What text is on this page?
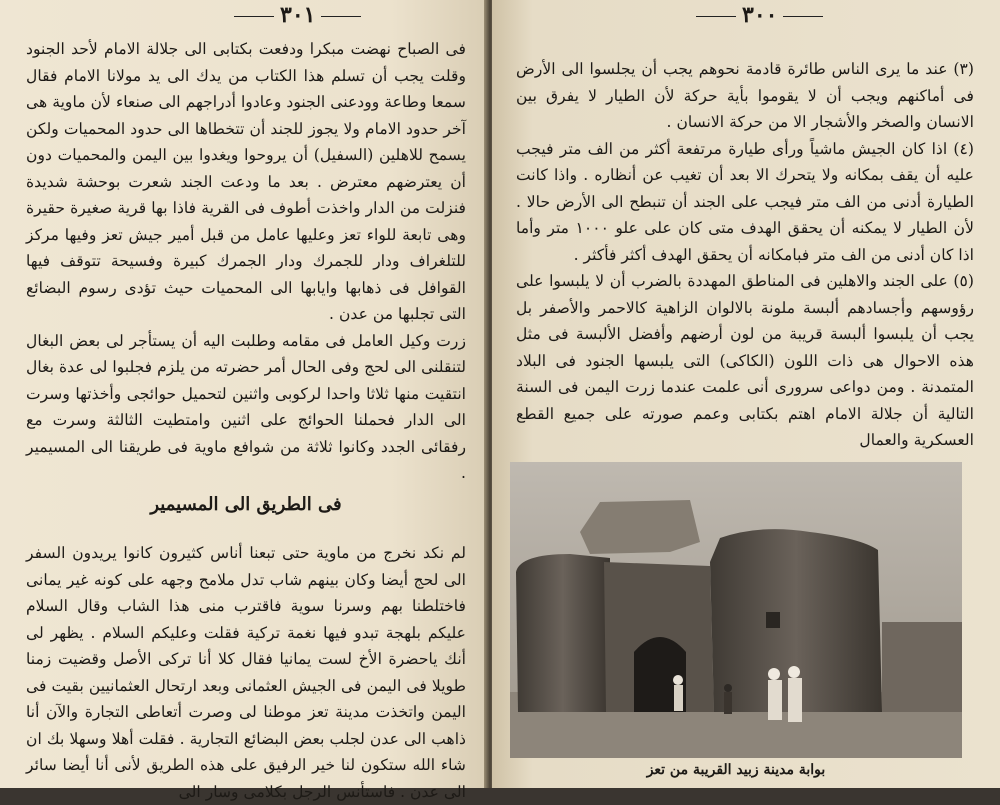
٣٠١

فى الصباح نهضت مبكرا ودفعت بكتابى الى جلالة الامام لأحد الجنود وقلت يجب أن تسلم هذا الكتاب من يدك الى يد مولانا الامام فقال سمعا وطاعة وودعنى الجنود وعادوا أدراجهم الى صنعاء لأن ماوية هى آخر حدود الامام ولا يجوز للجند أن تتخطاها الى حدود المحميات ولكن يسمح للاهلين (السفيل) أن يروحوا ويغدوا بين اليمن والمحميات دون أن يعترضهم معترض . بعد ما ودعت الجند شعرت بوحشة شديدة فنزلت من الدار واخذت أطوف فى القرية فاذا بها قرية صغيرة حقيرة وهى تابعة للواء تعز وعليها عامل من قبل أمير جيش تعز وفيها مركز للتلغراف ودار للجمرك ودار الجمرك كبيرة وفسيحة تتوقف فيها القوافل فى ذهابها وايابها الى المحميات حيث تؤدى رسوم البضائع التى تجلبها من عدن .

زرت وكيل العامل فى مقامه وطلبت اليه أن يستأجر لى بعض البغال لتنقلنى الى لحج وفى الحال أمر حضرته من يلزم فجلبوا لى عدة بغال انتقيت منها ثلاثا واحدا لركوبى واثنين لتحميل حوائجى وأخذتها وسرت الى الدار فحملنا الحوائج على اثنين وامتطيت الثالثة وسرت مع رفقائى الجدد وكانوا ثلاثة من شوافع ماوية فى طريقنا الى المسيمير .

فى الطريق الى المسيمير

لم نكد نخرج من ماوية حتى تبعنا أناس كثيرون كانوا يريدون السفر الى لحج أيضا وكان بينهم شاب تدل ملامح وجهه على كونه غير يمانى فاختلطنا بهم وسرنا سوية فاقترب منى هذا الشاب وقال السلام عليكم بلهجة تبدو فيها نغمة تركية فقلت وعليكم السلام . يظهر لى أنك ياحضرة الأخ لست يمانيا فقال كلا أنا تركى الأصل وقضيت زمنا طويلا فى اليمن فى الجيش العثمانى وبعد ارتحال العثمانيين بقيت فى اليمن واتخذت مدينة تعز موطنا لى وصرت أتعاطى التجارة والآن أنا ذاهب الى عدن لجلب بعض البضائع التجارية . فقلت أهلا وسهلا بك ان شاء الله ستكون لنا خير الرفيق على هذه الطريق لأنى أنا أيضا سائر الى عدن . فاستأنس الرجل بكلامى وسار الى

٣٠٠

(٣) عند ما يرى الناس طائرة قادمة نحوهم يجب أن يجلسوا الى الأرض فى أماكنهم ويجب أن لا يقوموا بأية حركة لأن الطيار لا يفرق بين الانسان والصخر والأشجار الا من حركة الانسان .

(٤) اذا كان الجيش ماشياً ورأى طيارة مرتفعة أكثر من الف متر فيجب عليه أن يقف بمكانه ولا يتحرك الا بعد أن تغيب عن أنظاره . واذا كانت الطيارة أدنى من الف متر فيجب على الجند أن تنبطح الى الأرض حالا . لأن الطيار لا يمكنه أن يحقق الهدف متى كان على علو ١٠٠٠ متر وأما اذا كان أدنى من الف متر فبامكانه أن يحقق الهدف أكثر فأكثر .

(٥) على الجند والاهلين فى المناطق المهددة بالضرب أن لا يلبسوا على رؤوسهم وأجسادهم ألبسة ملونة بالالوان الزاهية كالاحمر والأصفر بل يجب أن يلبسوا ألبسة قريبة من لون أرضهم وأفضل الألبسة فى مثل هذه الاحوال هى ذات اللون (الكاكى) التى يلبسها الجنود فى البلاد المتمدنة . ومن دواعى سرورى أنى علمت عندما زرت اليمن فى السنة التالية أن جلالة الامام اهتم بكتابى وعمم صورته على جميع القطع العسكرية والعمال

بوابة مدينة زبيد القريبة من تعز
